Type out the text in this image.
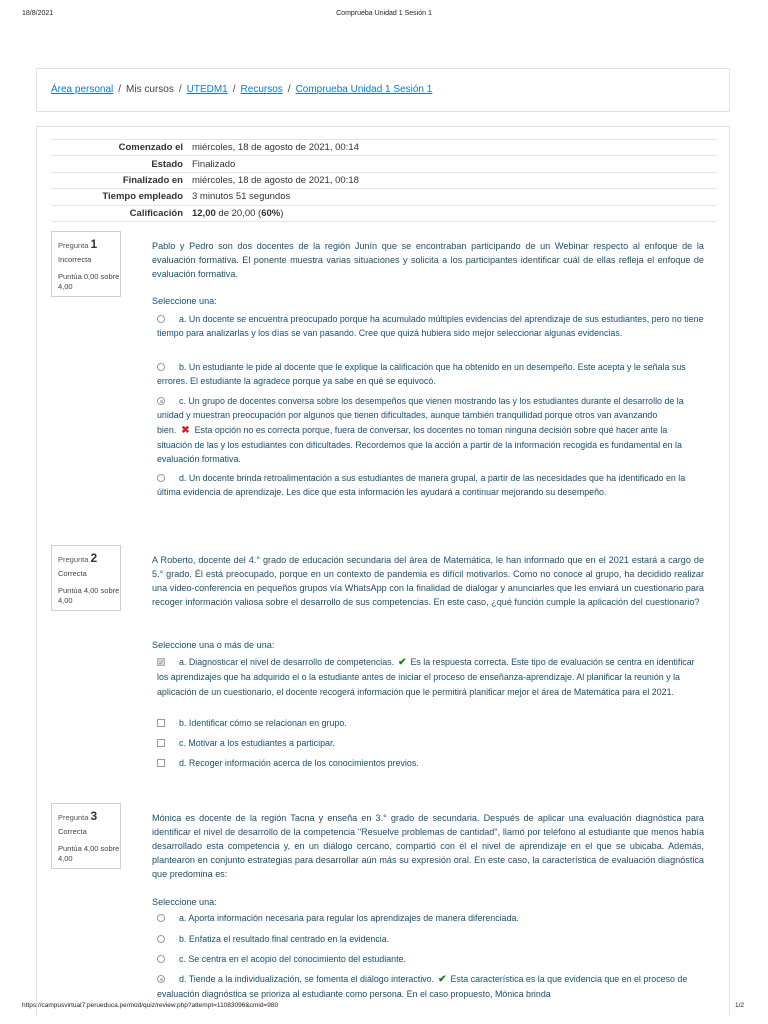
18/8/2021	Comprueba Unidad 1 Sesión 1
Área personal / Mis cursos / UTEDM1 / Recursos / Comprueba Unidad 1 Sesión 1
Comenzado el	miércoles, 18 de agosto de 2021, 00:14
Estado	Finalizado
Finalizado en	miércoles, 18 de agosto de 2021, 00:18
Tiempo empleado	3 minutos 51 segundos
Calificación	12,00 de 20,00 (60%)
Pregunta 1
Incorrecta
Puntúa 0,00 sobre 4,00
Pablo y Pedro son dos docentes de la región Junín que se encontraban participando de un Webinar respecto al enfoque de la evaluación formativa. El ponente muestra varias situaciones y solicita a los participantes identificar cuál de ellas refleja el enfoque de evaluación formativa.
Seleccione una:
a. Un docente se encuentra preocupado porque ha acumulado múltiples evidencias del aprendizaje de sus estudiantes, pero no tiene tiempo para analizarlas y los días se van pasando. Cree que quizá hubiera sido mejor seleccionar algunas evidencias.
b. Un estudiante le pide al docente que le explique la calificación que ha obtenido en un desempeño. Este acepta y le señala sus errores. El estudiante la agradece porque ya sabe en qué se equivocó.
c. Un grupo de docentes conversa sobre los desempeños que vienen mostrando las y los estudiantes durante el desarrollo de la unidad y muestran preocupación por algunos que tienen dificultades, aunque también tranquilidad porque otros van avanzando bien. ✖ Esta opción no es correcta porque, fuera de conversar, los docentes no toman ninguna decisión sobre qué hacer ante la situación de las y los estudiantes con dificultades. Recordemos que la acción a partir de la información recogida es fundamental en la evaluación formativa.
d. Un docente brinda retroalimentación a sus estudiantes de manera grupal, a partir de las necesidades que ha identificado en la última evidencia de aprendizaje. Les dice que esta información les ayudará a continuar mejorando su desempeño.
Pregunta 2
Correcta
Puntúa 4,00 sobre 4,00
A Roberto, docente del 4.° grado de educación secundaria del área de Matemática, le han informado que en el 2021 estará a cargo de 5.° grado. Él está preocupado, porque en un contexto de pandemia es difícil motivarlos. Como no conoce al grupo, ha decidido realizar una video-conferencia en pequeños grupos vía WhatsApp con la finalidad de dialogar y anunciarles que les enviará un cuestionario para recoger información valiosa sobre el desarrollo de sus competencias. En este caso, ¿qué función cumple la aplicación del cuestionario?
Seleccione una o más de una:
✓
a. Diagnosticar el nivel de desarrollo de competencias. ✔ Es la respuesta correcta. Este tipo de evaluación se centra en identificar los aprendizajes que ha adquirido el o la estudiante antes de iniciar el proceso de enseñanza-aprendizaje. Al planificar la reunión y la aplicación de un cuestionario, el docente recogerá información que le permitirá planificar mejor el área de Matemática para el 2021.
b. Identificar cómo se relacionan en grupo.
c. Motivar a los estudiantes a participar.
d. Recoger información acerca de los conocimientos previos.
Pregunta 3
Correcta
Puntúa 4,00 sobre 4,00
Mónica es docente de la región Tacna y enseña en 3.° grado de secundaria. Después de aplicar una evaluación diagnóstica para identificar el nivel de desarrollo de la competencia "Resuelve problemas de cantidad", llamó por teléfono al estudiante que menos había desarrollado esta competencia y, en un diálogo cercano, compartió con él el nivel de aprendizaje en el que se ubicaba. Además, plantearon en conjunto estrategias para desarrollar aún más su expresión oral. En este caso, la característica de evaluación diagnóstica que predomina es:
Seleccione una:
a. Aporta información necesaria para regular los aprendizajes de manera diferenciada.
b. Enfatiza el resultado final centrado en la evidencia.
c. Se centra en el acopio del conocimiento del estudiante.
d. Tiende a la individualización, se fomenta el diálogo interactivo. ✔ Esta característica es la que evidencia que en el proceso de evaluación diagnóstica se prioriza al estudiante como persona. En el caso propuesto, Mónica brinda
https://campusvirtual7.perueduca.pe/mod/quiz/review.php?attempt=11083096&cmid=980	1/2
